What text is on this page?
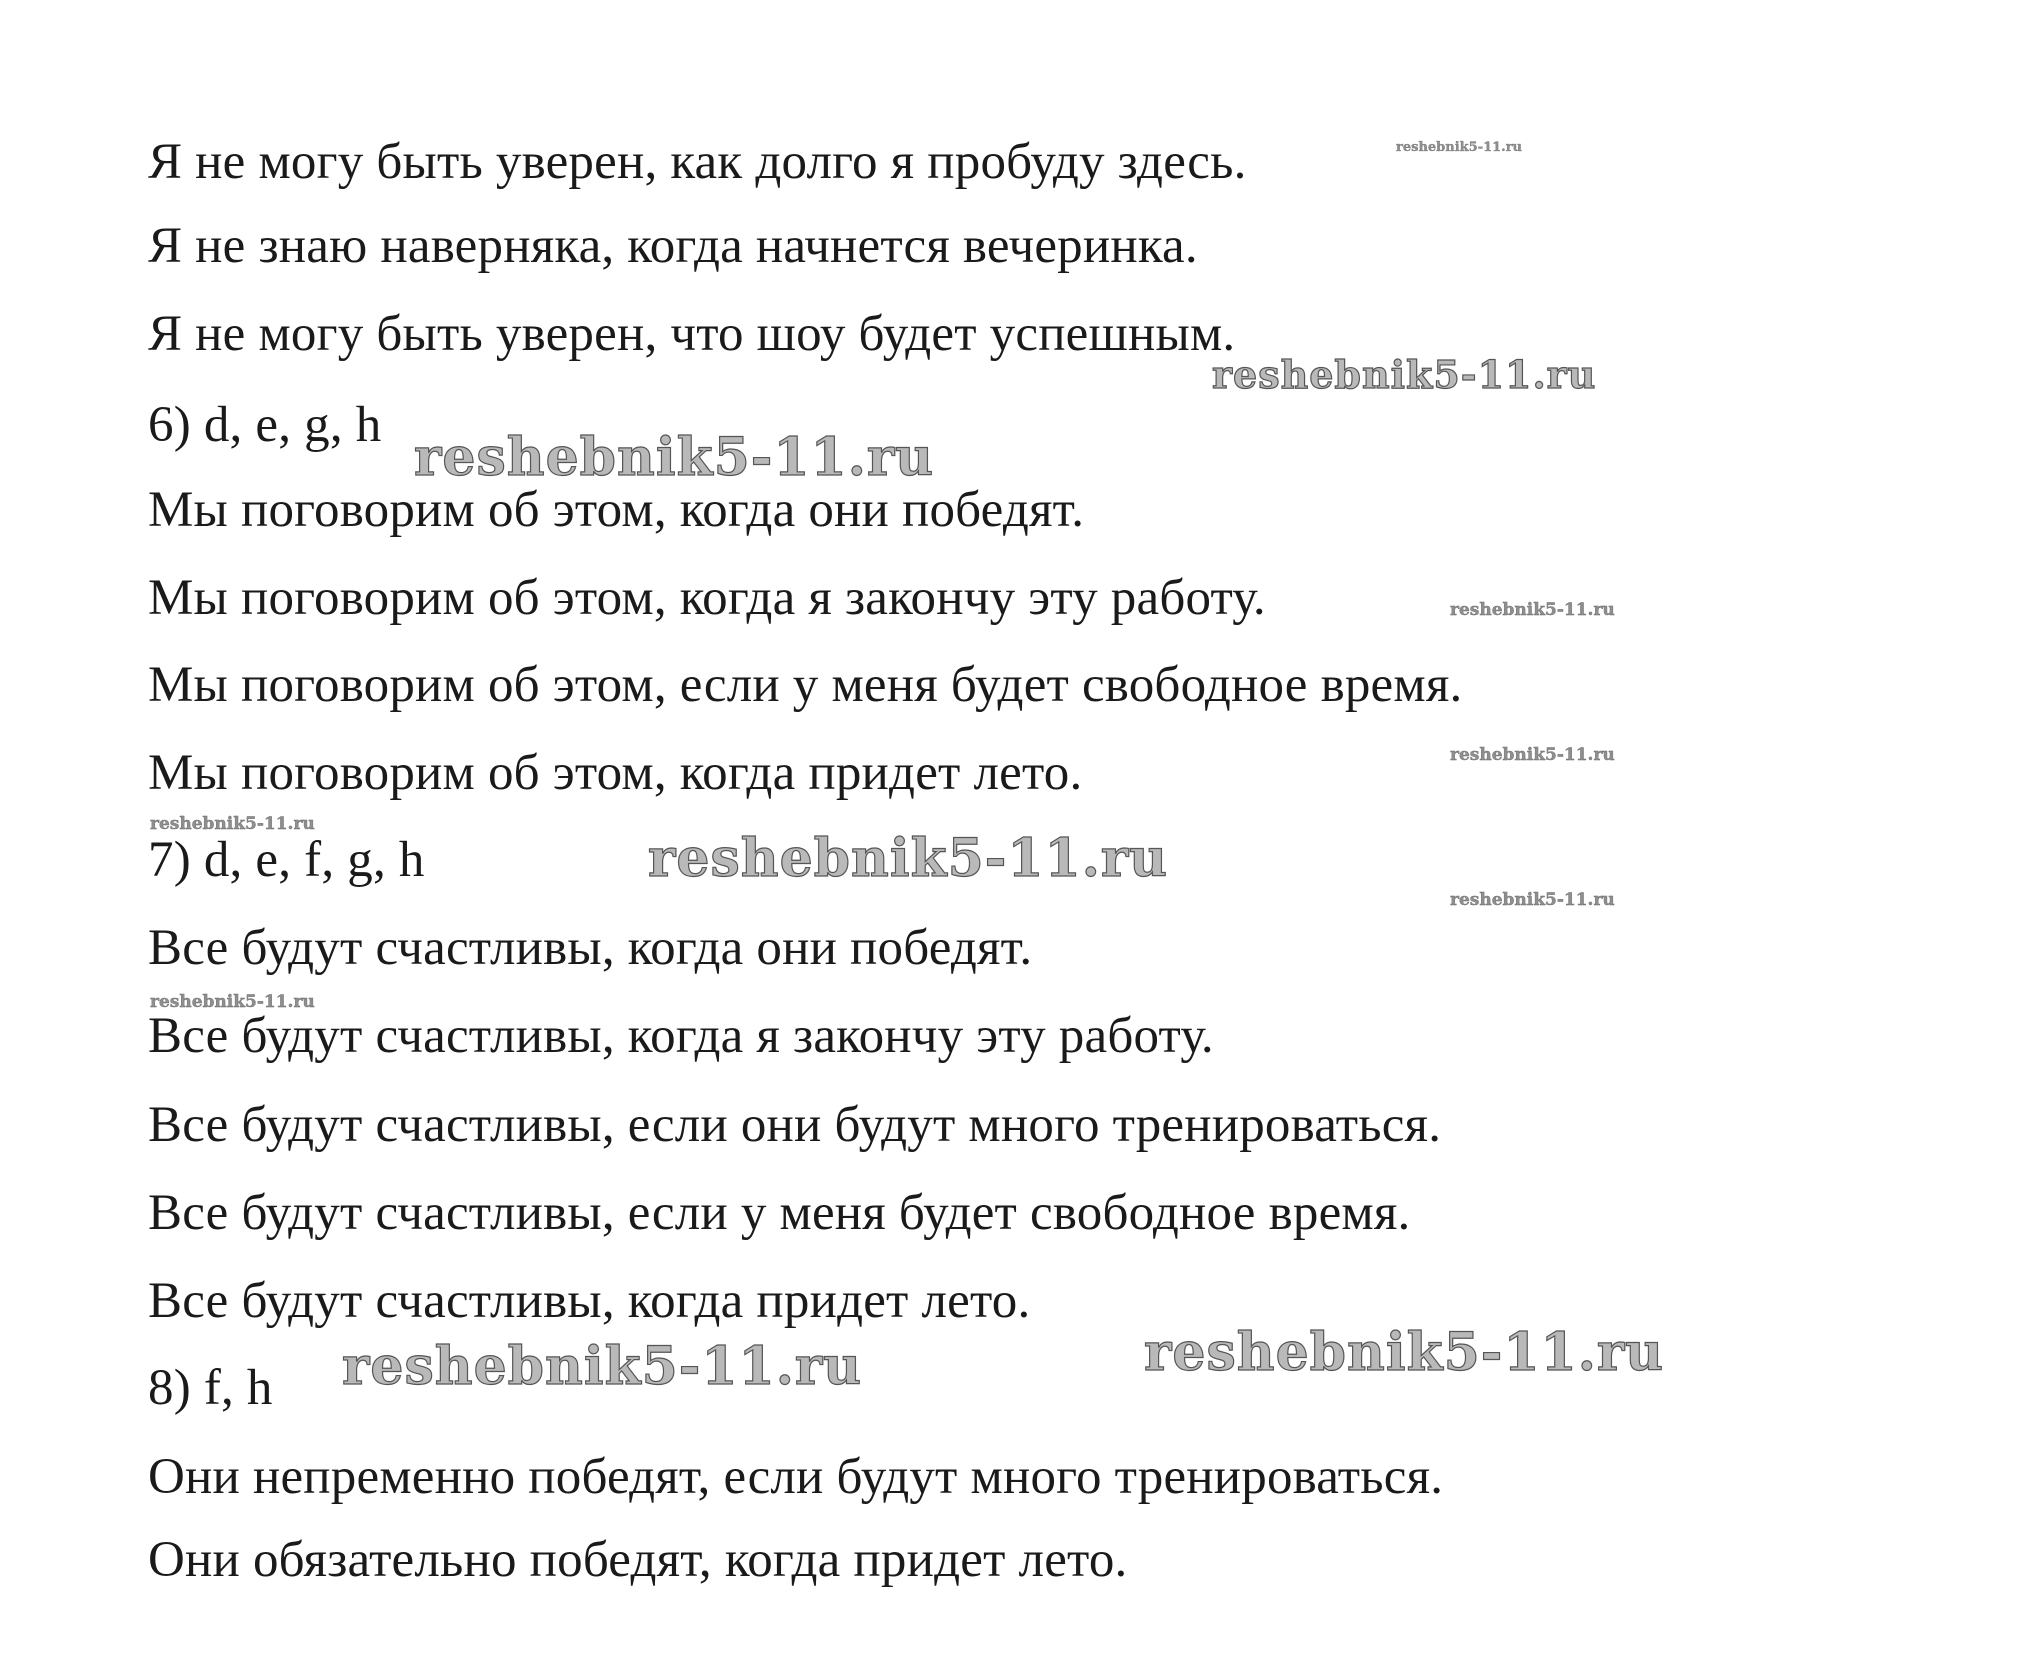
Я не могу быть уверен, как долго я пробуду здесь.
Я не знаю наверняка, когда начнется вечеринка.
Я не могу быть уверен, что шоу будет успешным.
6) d, e, g, h
Мы поговорим об этом, когда они победят.
Мы поговорим об этом, когда я закончу эту работу.
Мы поговорим об этом, если у меня будет свободное время.
Мы поговорим об этом, когда придет лето.
7) d, e, f, g, h
Все будут счастливы, когда они победят.
Все будут счастливы, когда я закончу эту работу.
Все будут счастливы, если они будут много тренироваться.
Все будут счастливы, если у меня будет свободное время.
Все будут счастливы, когда придет лето.
8) f, h
Они непременно победят, если будут много тренироваться.
Они обязательно победят, когда придет лето.
reshebnik5-11.ru
reshebnik5-11.ru
reshebnik5-11.ru
reshebnik5-11.ru
reshebnik5-11.ru
reshebnik5-11.ru
reshebnik5-11.ru
reshebnik5-11.ru
reshebnik5-11.ru
reshebnik5-11.ru	reshebnik5-11.ru
